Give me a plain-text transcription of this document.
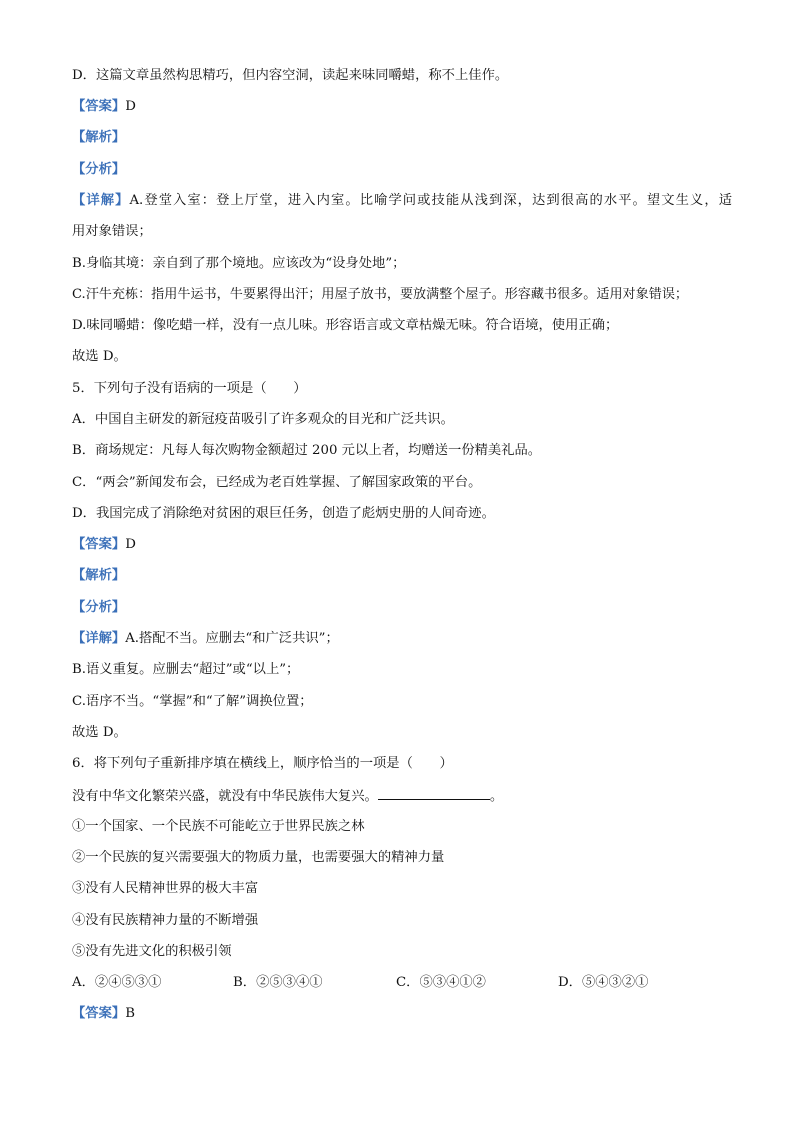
D．这篇文章虽然构思精巧，但内容空洞，读起来味同嚼蜡，称不上佳作。
【答案】D
【解析】
【分析】
【详解】A.登堂入室：登上厅堂，进入内室。比喻学问或技能从浅到深，达到很高的水平。望文生义，适
用对象错误；
B.身临其境：亲自到了那个境地。应该改为“设身处地”；
C.汗牛充栋：指用牛运书，牛要累得出汗；用屋子放书，要放满整个屋子。形容藏书很多。适用对象错误；
D.味同嚼蜡：像吃蜡一样，没有一点儿味。形容语言或文章枯燥无味。符合语境，使用正确；
故选 D。
5．下列句子没有语病的一项是（　　）
A．中国自主研发的新冠疫苗吸引了许多观众的目光和广泛共识。
B．商场规定：凡每人每次购物金额超过 200 元以上者，均赠送一份精美礼品。
C．“两会”新闻发布会，已经成为老百姓掌握、了解国家政策的平台。
D．我国完成了消除绝对贫困的艰巨任务，创造了彪炳史册的人间奇迹。
【答案】D
【解析】
【分析】
【详解】A.搭配不当。应删去“和广泛共识”；
B.语义重复。应删去“超过”或“以上”；
C.语序不当。“掌握”和“了解”调换位置；
故选 D。
6．将下列句子重新排序填在横线上，顺序恰当的一项是（　　）
没有中华文化繁荣兴盛，就没有中华民族伟大复兴。	。
①一个国家、一个民族不可能屹立于世界民族之林
②一个民族的复兴需要强大的物质力量，也需要强大的精神力量
③没有人民精神世界的极大丰富
④没有民族精神力量的不断增强
⑤没有先进文化的积极引领
A．②④⑤③①	B．②⑤③④①	C．⑤③④①②	D．⑤④③②①
【答案】B
